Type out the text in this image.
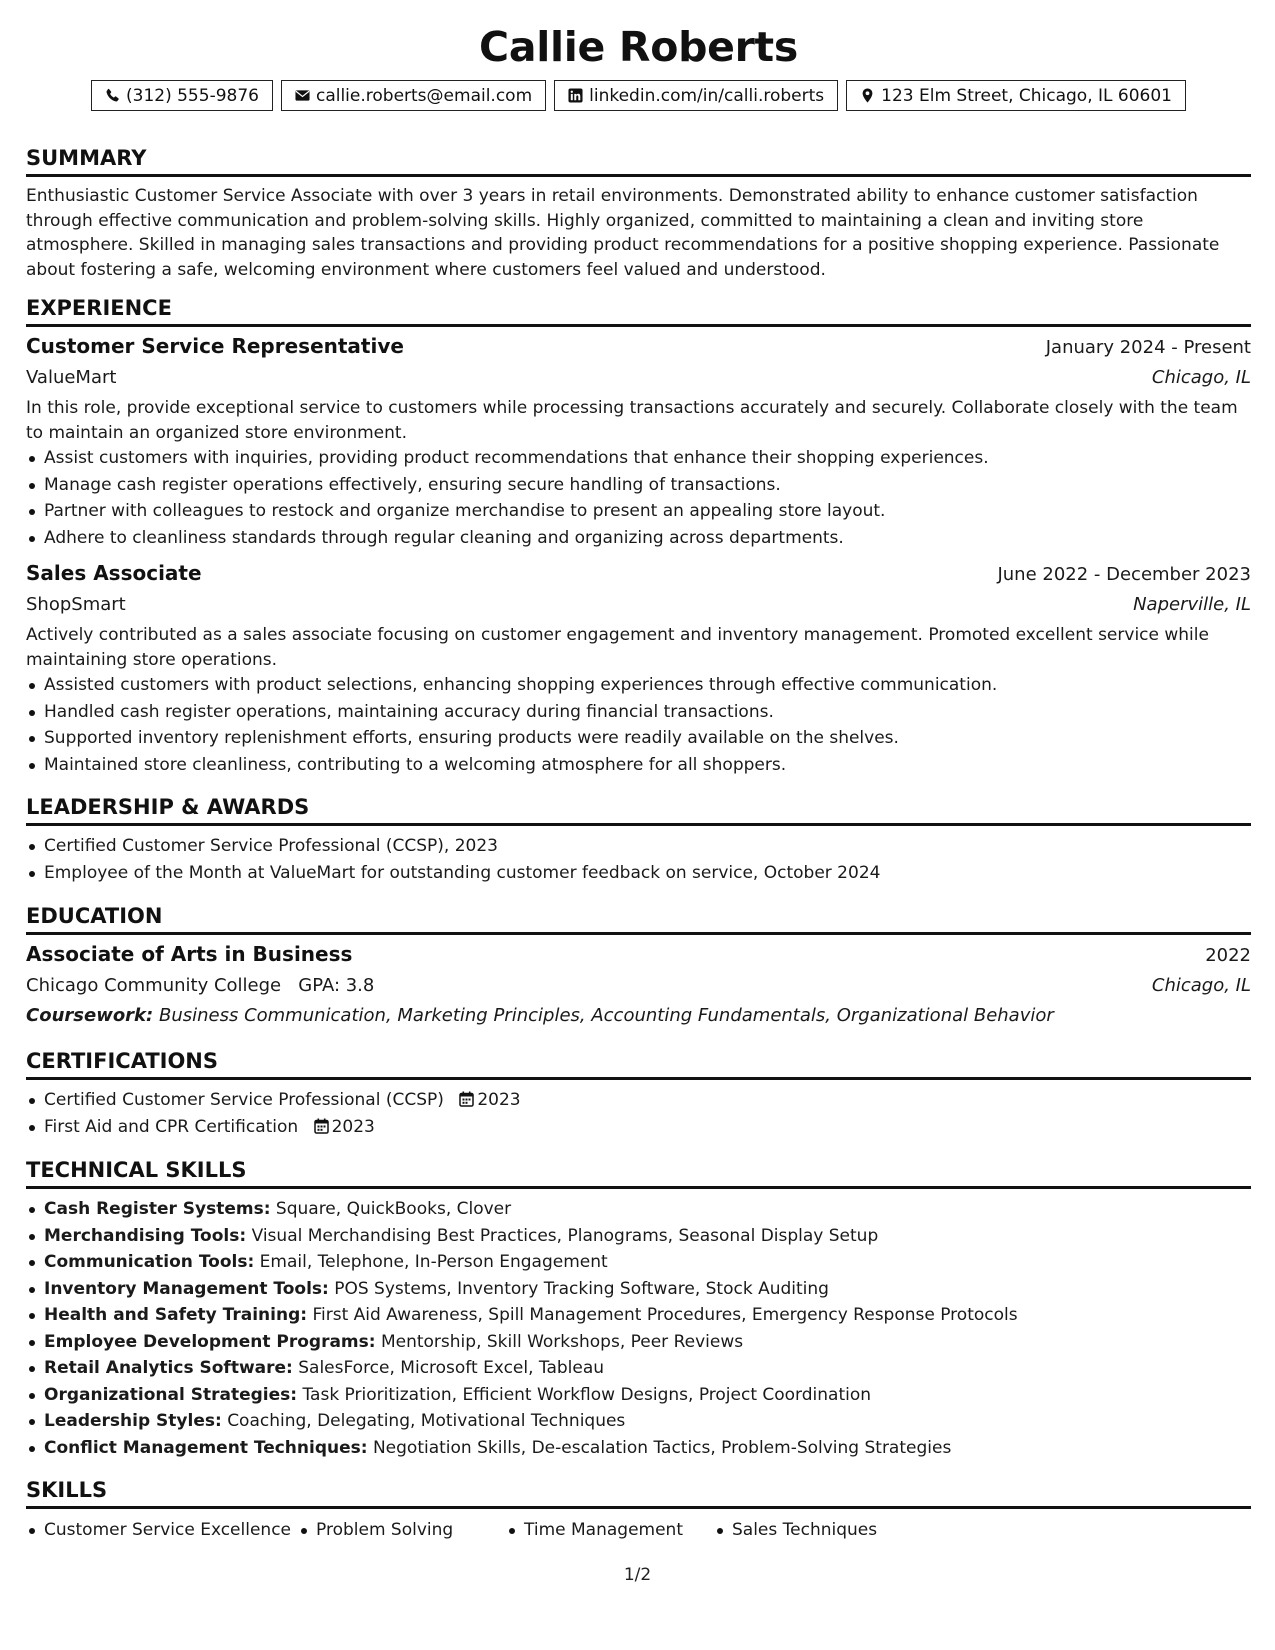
Callie Roberts
(312) 555-9876	callie.roberts@email.com	linkedin.com/in/calli.roberts	123 Elm Street, Chicago, IL 60601
SUMMARY
Enthusiastic Customer Service Associate with over 3 years in retail environments. Demonstrated ability to enhance customer satisfaction through effective communication and problem-solving skills. Highly organized, committed to maintaining a clean and inviting store atmosphere. Skilled in managing sales transactions and providing product recommendations for a positive shopping experience. Passionate about fostering a safe, welcoming environment where customers feel valued and understood.
EXPERIENCE
Customer Service Representative	January 2024 - Present
ValueMart	Chicago, IL
In this role, provide exceptional service to customers while processing transactions accurately and securely. Collaborate closely with the team to maintain an organized store environment.
Assist customers with inquiries, providing product recommendations that enhance their shopping experiences.
Manage cash register operations effectively, ensuring secure handling of transactions.
Partner with colleagues to restock and organize merchandise to present an appealing store layout.
Adhere to cleanliness standards through regular cleaning and organizing across departments.
Sales Associate	June 2022 - December 2023
ShopSmart	Naperville, IL
Actively contributed as a sales associate focusing on customer engagement and inventory management. Promoted excellent service while maintaining store operations.
Assisted customers with product selections, enhancing shopping experiences through effective communication.
Handled cash register operations, maintaining accuracy during financial transactions.
Supported inventory replenishment efforts, ensuring products were readily available on the shelves.
Maintained store cleanliness, contributing to a welcoming atmosphere for all shoppers.
LEADERSHIP & AWARDS
Certified Customer Service Professional (CCSP), 2023
Employee of the Month at ValueMart for outstanding customer feedback on service, October 2024
EDUCATION
Associate of Arts in Business	2022
Chicago Community College GPA: 3.8	Chicago, IL
Coursework: Business Communication, Marketing Principles, Accounting Fundamentals, Organizational Behavior
CERTIFICATIONS
Certified Customer Service Professional (CCSP) 2023
First Aid and CPR Certification 2023
TECHNICAL SKILLS
Cash Register Systems: Square, QuickBooks, Clover
Merchandising Tools: Visual Merchandising Best Practices, Planograms, Seasonal Display Setup
Communication Tools: Email, Telephone, In-Person Engagement
Inventory Management Tools: POS Systems, Inventory Tracking Software, Stock Auditing
Health and Safety Training: First Aid Awareness, Spill Management Procedures, Emergency Response Protocols
Employee Development Programs: Mentorship, Skill Workshops, Peer Reviews
Retail Analytics Software: SalesForce, Microsoft Excel, Tableau
Organizational Strategies: Task Prioritization, Efficient Workflow Designs, Project Coordination
Leadership Styles: Coaching, Delegating, Motivational Techniques
Conflict Management Techniques: Negotiation Skills, De-escalation Tactics, Problem-Solving Strategies
SKILLS
Customer Service Excellence	Problem Solving	Time Management	Sales Techniques
1/2
